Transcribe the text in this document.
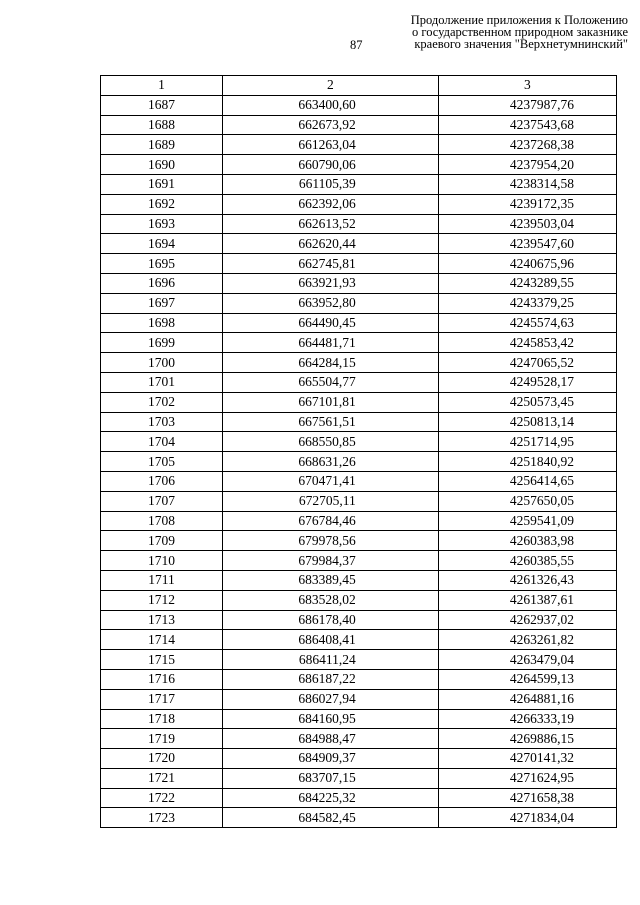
Продолжение приложения к Положению
о государственном природном заказнике
краевого значения "Верхнетумнинский"
87
1	2	3
1687	663400,60	4237987,76
1688	662673,92	4237543,68
1689	661263,04	4237268,38
1690	660790,06	4237954,20
1691	661105,39	4238314,58
1692	662392,06	4239172,35
1693	662613,52	4239503,04
1694	662620,44	4239547,60
1695	662745,81	4240675,96
1696	663921,93	4243289,55
1697	663952,80	4243379,25
1698	664490,45	4245574,63
1699	664481,71	4245853,42
1700	664284,15	4247065,52
1701	665504,77	4249528,17
1702	667101,81	4250573,45
1703	667561,51	4250813,14
1704	668550,85	4251714,95
1705	668631,26	4251840,92
1706	670471,41	4256414,65
1707	672705,11	4257650,05
1708	676784,46	4259541,09
1709	679978,56	4260383,98
1710	679984,37	4260385,55
1711	683389,45	4261326,43
1712	683528,02	4261387,61
1713	686178,40	4262937,02
1714	686408,41	4263261,82
1715	686411,24	4263479,04
1716	686187,22	4264599,13
1717	686027,94	4264881,16
1718	684160,95	4266333,19
1719	684988,47	4269886,15
1720	684909,37	4270141,32
1721	683707,15	4271624,95
1722	684225,32	4271658,38
1723	684582,45	4271834,04
